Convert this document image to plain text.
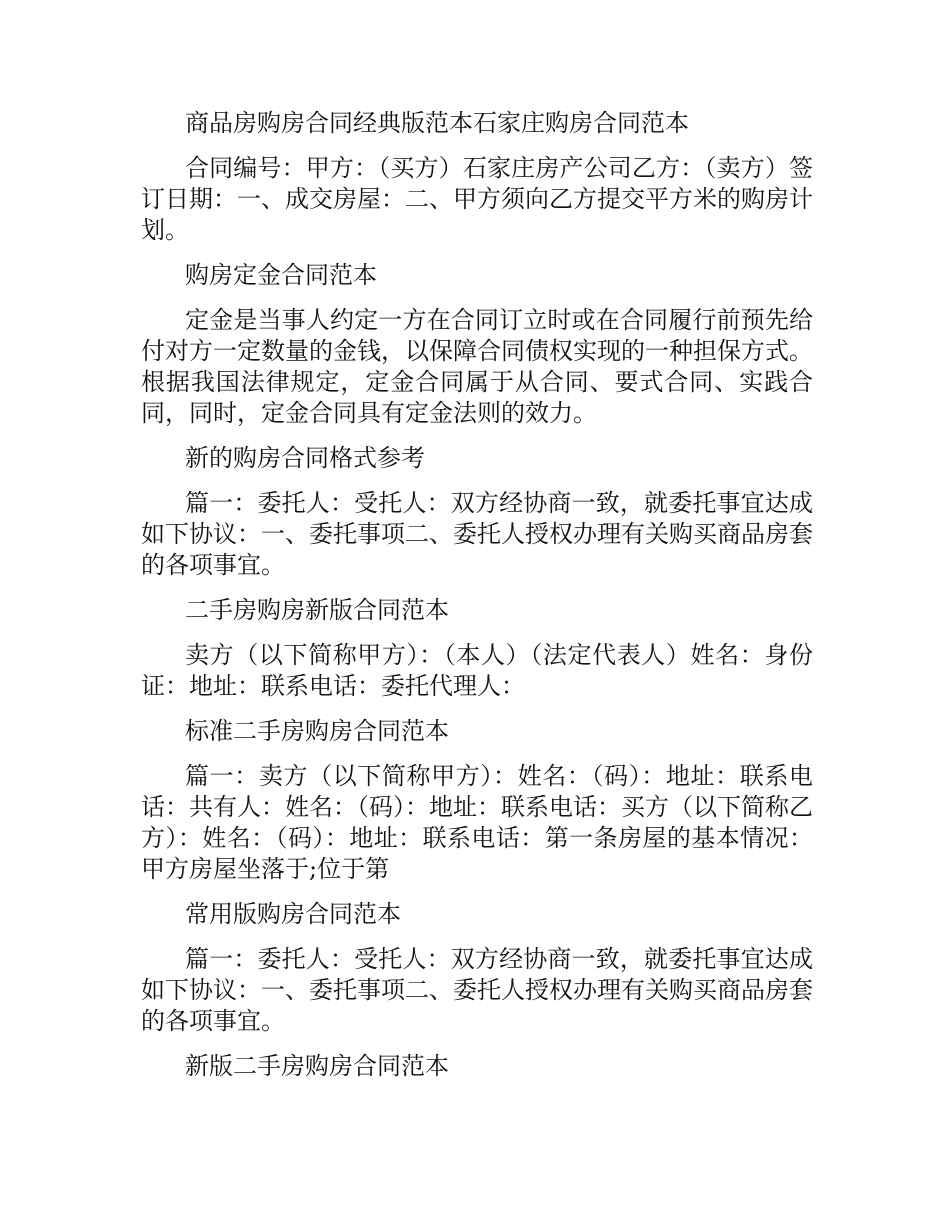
商品房购房合同经典版范本石家庄购房合同范本

合同编号：甲方：（买方）石家庄房产公司乙方：（卖方）签订日期：一、成交房屋：二、甲方须向乙方提交平方米的购房计划。

购房定金合同范本

定金是当事人约定一方在合同订立时或在合同履行前预先给付对方一定数量的金钱，以保障合同债权实现的一种担保方式。根据我国法律规定，定金合同属于从合同、要式合同、实践合同，同时，定金合同具有定金法则的效力。

新的购房合同格式参考

篇一：委托人：受托人：双方经协商一致，就委托事宜达成如下协议：一、委托事项二、委托人授权办理有关购买商品房套的各项事宜。

二手房购房新版合同范本

卖方（以下简称甲方）：（本人）（法定代表人）姓名：身份证：地址：联系电话：委托代理人：

标准二手房购房合同范本

篇一：卖方（以下简称甲方）：姓名：（码）：地址：联系电话：共有人：姓名：（码）：地址：联系电话：买方（以下简称乙方）：姓名：（码）：地址：联系电话：第一条房屋的基本情况：甲方房屋坐落于;位于第

常用版购房合同范本

篇一：委托人：受托人：双方经协商一致，就委托事宜达成如下协议：一、委托事项二、委托人授权办理有关购买商品房套的各项事宜。

新版二手房购房合同范本
